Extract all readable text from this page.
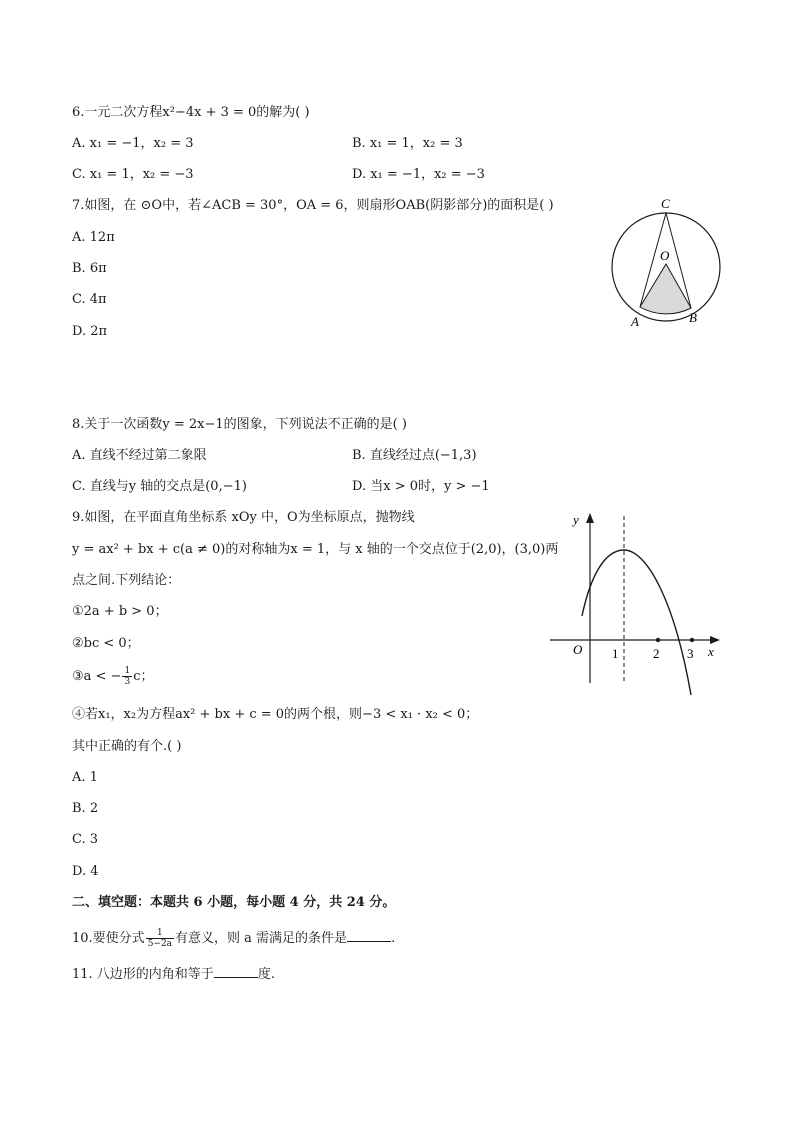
6.一元二次方程x²−4x + 3 = 0的解为( )
A. x₁ = −1，x₂ = 3	B. x₁ = 1，x₂ = 3
C. x₁ = 1，x₂ = −3	D. x₁ = −1，x₂ = −3
7.如图，在 ⊙O中，若∠ACB = 30°，OA = 6，则扇形OAB(阴影部分)的面积是( )
A. 12π
B. 6π
C. 4π
D. 2π
C
O
A	B
8.关于一次函数y = 2x−1的图象，下列说法不正确的是( )
A. 直线不经过第二象限	B. 直线经过点(−1,3)
C. 直线与y 轴的交点是(0,−1)	D. 当x > 0时，y > −1
9.如图，在平面直角坐标系 xOy 中，O为坐标原点，抛物线
y = ax² + bx + c(a ≠ 0)的对称轴为x = 1，与 x 轴的一个交点位于(2,0)，(3,0)两
点之间.下列结论：
①2a + b > 0；
②bc < 0；
③a < − $\frac{1}{3}$ c；
④若x₁，x₂为方程ax² + bx + c = 0的两个根，则−3 < x₁ · x₂ < 0；
其中正确的有个.( )
A. 1
B. 2
C. 3
D. 4
y
x
O 1	2 3
二、填空题：本题共 6 小题，每小题 4 分，共 24 分。
10.要使分式 $\frac{1}{5-2a}$ 有意义，则 a 需满足的条件是	.
11. 八边形的内角和等于	度.
